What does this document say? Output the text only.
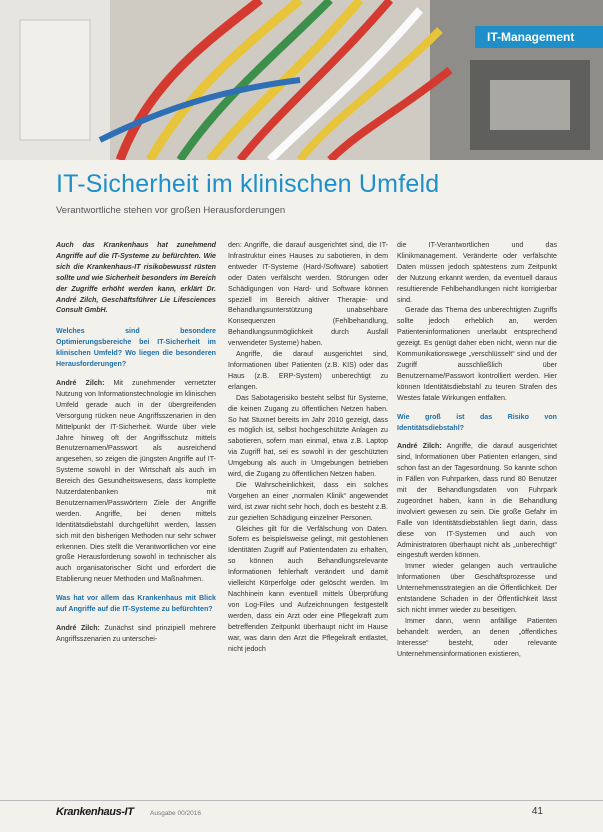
IT-Management
IT-Sicherheit im klinischen Umfeld
Verantwortliche stehen vor großen Herausforderungen

Auch das Krankenhaus hat zunehmend Angriffe auf die IT-Systeme zu befürchten. Wie sich die Krankenhaus-IT risikobewusst rüsten sollte und wie Sicherheit besonders im Bereich der Zugriffe erhöht werden kann, erklärt Dr. André Zilch, Geschäftsführer Lie Lifesciences Consult GmbH.

Welches sind besondere Optimierungsbereiche bei IT-Sicherheit im klinischen Umfeld? Wo liegen die besonderen Herausforderungen?

André Zilch: Mit zunehmender vernetzter Nutzung von Informationstechnologie im klinischen Umfeld gerade auch in der übergreifenden Versorgung rücken neue Angriffsszenarien in den Mittelpunkt der IT-Sicherheit. Wurde über viele Jahre hinweg oft der Angriffsschutz mittels Benutzernamen/Passwort als ausreichend angesehen, so zeigen die jüngsten Angriffe auf IT-Systeme sowohl in der Wirtschaft als auch im Bereich des Gesundheitswesens, dass komplette Nutzerdatenbanken mit Benutzernamen/Passwörtern Ziele der Angriffe werden. Angriffe, bei denen mittels Identitätsdiebstahl durchgeführt werden, lassen sich mit den bisherigen Methoden nur sehr schwer erkennen. Dies stellt die Verantwortlichen vor eine große Herausforderung sowohl in technischer als auch organisatorischer Sicht und erfordert die Etablierung neuer Methoden und Maßnahmen.

Was hat vor allem das Krankenhaus mit Blick auf Angriffe auf die IT-Systeme zu befürchten?

André Zilch: Zunächst sind prinzipiell mehrere Angriffsszenarien zu unterschei-

den: Angriffe, die darauf ausgerichtet sind, die IT-Infrastruktur eines Hauses zu sabotieren, in dem entweder IT-Systeme (Hard-/Software) sabotiert oder Daten verfälscht werden. Störungen oder Schädigungen von Hard- und Software können speziell im Bereich aktiver Therapie- und Behandlungsunterstützung unabsehbare Konsequenzen (Fehlbehandlung, Behandlungsunmöglichkeit durch Ausfall verwendeter Systeme) haben.

Angriffe, die darauf ausgerichtet sind, Informationen über Patienten (z.B. KIS) oder das Haus (z.B. ERP-System) unberechtigt zu erlangen.

Das Sabotagerisiko besteht selbst für Systeme, die keinen Zugang zu öffentlichen Netzen haben. So hat Stuxnet bereits im Jahr 2010 gezeigt, dass es möglich ist, selbst hochgeschützte Anlagen zu sabotieren, sofern man einmal, etwa z.B. Laptop via Zugriff hat, sei es sowohl in der geschützten Umgebung als auch in Umgebungen betrieben wird, die Zugang zu öffentlichen Netzen haben.

Die Wahrscheinlichkeit, dass ein solches Vorgehen an einer „normalen Klinik“ angewendet wird, ist zwar nicht sehr hoch, doch es besteht z.B. zur gezielten Schädigung einzelner Personen.

Gleiches gilt für die Verfälschung von Daten. Sofern es beispielsweise gelingt, mit gestohlenen Identitäten Zugriff auf Patientendaten zu erhalten, so können auch Behandlungsrelevante Informationen fehlerhaft verändert und damit vielleicht Körperfolge oder gelöscht werden. Im Nachhinein kann eventuell mittels Überprüfung von Log-Files und Aufzeichnungen festgestellt werden, dass ein Arzt oder eine Pflegekraft zum betreffenden Zeitpunkt überhaupt nicht im Hause war, was dann den Arzt die Pflegekraft entlastet, nicht jedoch

die IT-Verantwortlichen und das Klinikmanagement. Veränderte oder verfälschte Daten müssen jedoch spätestens zum Zeitpunkt der Nutzung erkannt werden, da eventuell daraus resultierende Fehlbehandlungen nicht korrigierbar sind.

Gerade das Thema des unberechtigten Zugriffs sollte jedoch erheblich an, werden Patienteninformationen unerlaubt entsprechend gezeigt. Es genügt daher eben nicht, wenn nur die Kommunikationswege „verschlüsselt“ sind und der Zugriff ausschließlich über Benutzername/Passwort kontrolliert werden. Hier können Identitätsdiebstahl zu teuren Strafen des Westes fatale Wirkungen entfalten.

Wie groß ist das Risiko von Identitätsdiebstahl?

André Zilch: Angriffe, die darauf ausgerichtet sind, Informationen über Patienten erlangen, sind schon fast an der Tagesordnung. So kannte schon in Fällen von Fuhrparken, dass rund 80 Benutzer mit der Behandlungsdaten von Fuhrpark zugeordnet haben, kann in die Behandlung involviert gewesen zu sein. Die große Gefahr im Falle von Identitätsdiebstählen liegt darin, dass diese von IT-Systemen und auch von Administratoren überhaupt nicht als „unberechtigt“ eingestuft werden können.

Immer wieder gelangen auch vertrauliche Informationen über Geschäftsprozesse und Unternehmensstrategien an die Öffentlichkeit. Der entstandene Schaden in der Öffentlichkeit lässt sich nicht immer wieder zu beseitigen.

Immer dann, wenn anfällige Patienten behandelt werden, an denen „öffentliches Interesse“ besteht, oder relevante Unternehmensinformationen existieren,

Krankenhaus-IT	Ausgabe 00/2016	41
